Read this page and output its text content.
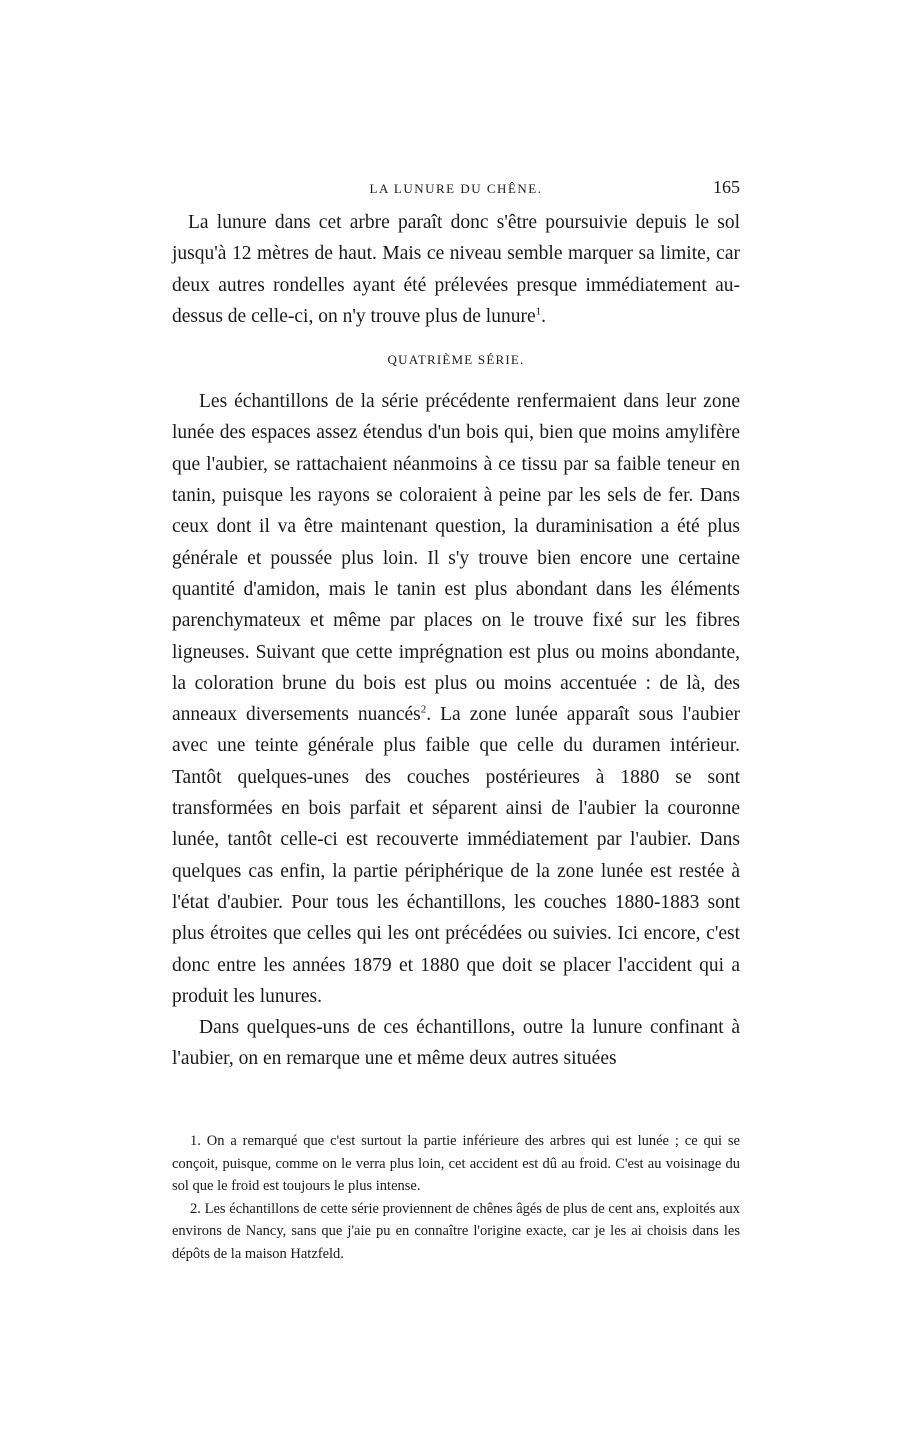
LA LUNURE DU CHÊNE.	165

La lunure dans cet arbre paraît donc s'être poursuivie depuis le sol jusqu'à 12 mètres de haut. Mais ce niveau semble marquer sa limite, car deux autres rondelles ayant été prélevées presque immédiatement au-dessus de celle-ci, on n'y trouve plus de lunure$^1$.

QUATRIÈME SÉRIE.

Les échantillons de la série précédente renfermaient dans leur zone lunée des espaces assez étendus d'un bois qui, bien que moins amylifère que l'aubier, se rattachaient néanmoins à ce tissu par sa faible teneur en tanin, puisque les rayons se coloraient à peine par les sels de fer. Dans ceux dont il va être maintenant question, la duraminisation a été plus générale et poussée plus loin. Il s'y trouve bien encore une certaine quantité d'amidon, mais le tanin est plus abondant dans les éléments parenchymateux et même par places on le trouve fixé sur les fibres ligneuses. Suivant que cette imprégnation est plus ou moins abondante, la coloration brune du bois est plus ou moins accentuée : de là, des anneaux diversements nuancés$^2$. La zone lunée apparaît sous l'aubier avec une teinte générale plus faible que celle du duramen intérieur. Tantôt quelques-unes des couches postérieures à 1880 se sont transformées en bois parfait et séparent ainsi de l'aubier la couronne lunée, tantôt celle-ci est recouverte immédiatement par l'aubier. Dans quelques cas enfin, la partie périphérique de la zone lunée est restée à l'état d'aubier. Pour tous les échantillons, les couches 1880-1883 sont plus étroites que celles qui les ont précédées ou suivies. Ici encore, c'est donc entre les années 1879 et 1880 que doit se placer l'accident qui a produit les lunures.

Dans quelques-uns de ces échantillons, outre la lunure confinant à l'aubier, on en remarque une et même deux autres situées

1. On a remarqué que c'est surtout la partie inférieure des arbres qui est lunée ; ce qui se conçoit, puisque, comme on le verra plus loin, cet accident est dû au froid. C'est au voisinage du sol que le froid est toujours le plus intense.

2. Les échantillons de cette série proviennent de chênes âgés de plus de cent ans, exploités aux environs de Nancy, sans que j'aie pu en connaître l'origine exacte, car je les ai choisis dans les dépôts de la maison Hatzfeld.
